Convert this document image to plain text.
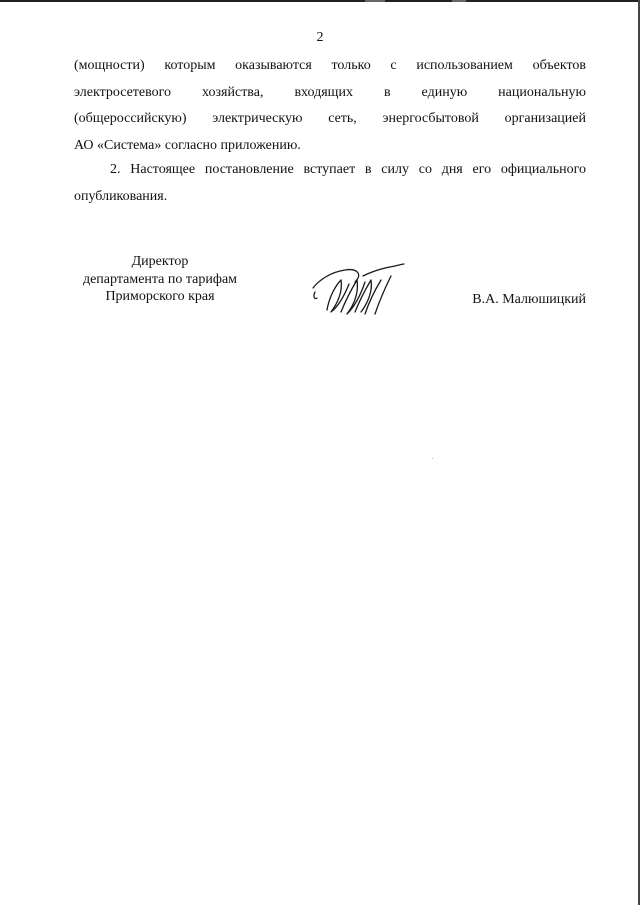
2
(мощности) которым оказываются только с использованием объектов
электросетевого хозяйства, входящих в единую национальную
(общероссийскую) электрическую сеть, энергосбытовой организацией
АО «Система» согласно приложению.
2. Настоящее постановление вступает в силу со дня его официального
опубликования.
Директор
департамента по тарифам
Приморского края	В.А. Малюшицкий
